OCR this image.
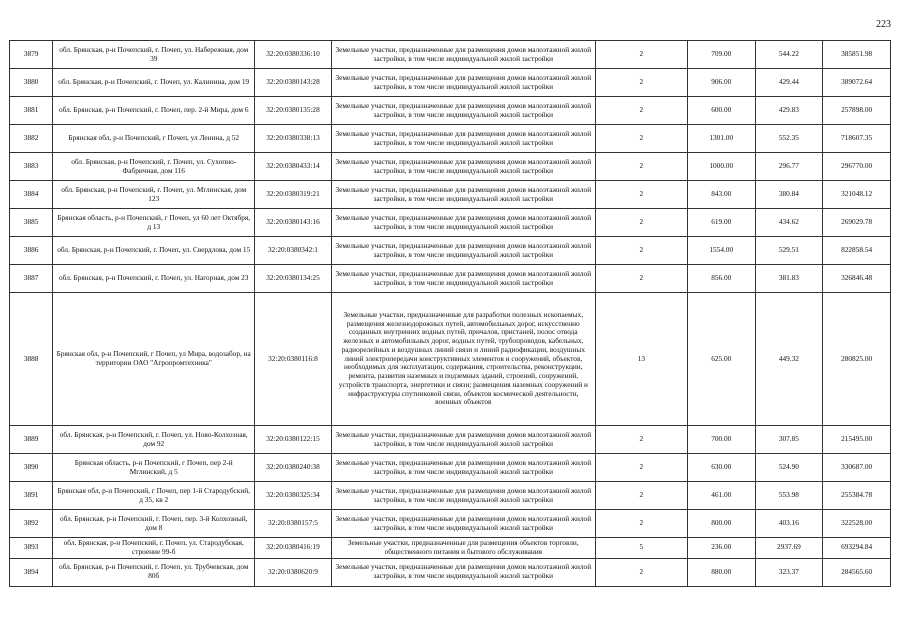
223
3879	обл. Брянская, р-н Почепский, г. Почеп, ул. Набережная, дом 39	32:20:0380336:10	Земельные участки, предназначенные для размещения домов малоэтажной жилой застройки, в том числе индивидуальной жилой застройки	2	709.00	544.22	385851.98
3880	обл. Брянская, р-н Почепский, г. Почеп, ул. Калинина, дом 19	32:20:0380143:28	Земельные участки, предназначенные для размещения домов малоэтажной жилой застройки, в том числе индивидуальной жилой застройки	2	906.00	429.44	389072.64
3881	обл. Брянская, р-н Почепский, г. Почеп, пер. 2-й Мира, дом 6	32:20:0380135:28	Земельные участки, предназначенные для размещения домов малоэтажной жилой застройки, в том числе индивидуальной жилой застройки	2	600.00	429.83	257898.00
3882	Брянская обл, р-н Почепский, г Почеп, ул Ленина, д 52	32:20:0380338:13	Земельные участки, предназначенные для размещения домов малоэтажной жилой застройки, в том числе индивидуальной жилой застройки	2	1301.00	552.35	718607.35
3883	обл. Брянская, р-н Почепский, г. Почеп, ул. Сухопно-Фабричная, дом 116	32:20:0380433:14	Земельные участки, предназначенные для размещения домов малоэтажной жилой застройки, в том числе индивидуальной жилой застройки	2	1000.00	296.77	296770.00
3884	обл. Брянская, р-н Почепский, г. Почеп, ул. Мглинская, дом 123	32:20:0380319:21	Земельные участки, предназначенные для размещения домов малоэтажной жилой застройки, в том числе индивидуальной жилой застройки	2	843.00	380.84	321048.12
3885	Брянская область, р-н Почепский, г Почеп, ул 60 лет Октября, д 13	32:20:0380143:16	Земельные участки, предназначенные для размещения домов малоэтажной жилой застройки, в том числе индивидуальной жилой застройки	2	619.00	434.62	269029.78
3886	обл. Брянская, р-н Почепский, г. Почеп, ул. Свердлова, дом 15	32:20:0380342:1	Земельные участки, предназначенные для размещения домов малоэтажной жилой застройки, в том числе индивидуальной жилой застройки	2	1554.00	529.51	822858.54
3887	обл. Брянская, р-н Почепский, г. Почеп, ул. Нагорная, дом 23	32:20:0380134:25	Земельные участки, предназначенные для размещения домов малоэтажной жилой застройки, в том числе индивидуальной жилой застройки	2	856.00	381.83	326846.48
3888	Брянская обл, р-н Почепский, г Почеп, ул Мира, водозабор, на территории ОАО "Агропромтехника"	32:20:0380116:8	Земельные участки, предназначенные для разработки полезных ископаемых, размещения железнодорожных путей, автомобильных дорог, искусственно созданных внутренних водных путей, причалов, пристаней, полос отвода железных и автомобильных дорог, водных путей, трубопроводов, кабельных, радиорелейных и воздушных линий связи и линий радиофикации, воздушных линий электропередачи конструктивных элементов и сооружений, объектов, необходимых для эксплуатации, содержания, строительства, реконструкции, ремонта, развития наземных и подземных зданий, строений, сооружений, устройств транспорта, энергетики и связи; размещения наземных сооружений и инфраструктуры спутниковой связи, объектов космической деятельности, военных объектов	13	625.00	449.32	280825.00
3889	обл. Брянская, р-н Почепский, г. Почеп, ул. Ново-Колхозная, дом 92	32:20:0380122:15	Земельные участки, предназначенные для размещения домов малоэтажной жилой застройки, в том числе индивидуальной жилой застройки	2	700.00	307.85	215495.00
3890	Брянская область, р-н Почепский, г Почеп, пер 2-й Мглинский, д 5	32:20:0380240:38	Земельные участки, предназначенные для размещения домов малоэтажной жилой застройки, в том числе индивидуальной жилой застройки	2	630.00	524.90	330687.00
3891	Брянская обл, р-н Почепский, г Почеп, пер 1-й Стародубский, д 35, кв 2	32:20:0380325:34	Земельные участки, предназначенные для размещения домов малоэтажной жилой застройки, в том числе индивидуальной жилой застройки	2	461.00	553.98	255384.78
3892	обл. Брянская, р-н Почепский, г. Почеп, пер. 3-й Колхозный, дом 8	32:20:0380157:5	Земельные участки, предназначенные для размещения домов малоэтажной жилой застройки, в том числе индивидуальной жилой застройки	2	800.00	403.16	322528.00
3893	обл. Брянская, р-н Почепский, г. Почеп, ул. Стародубская, строение 99-б	32:20:0380416:19	Земельные участки, предназначенные для размещения объектов торговли, общественного питания и бытового обслуживания	5	236.00	2937.69	693294.84
3894	обл. Брянская, р-н Почепский, г. Почеп, ул. Трубчевская, дом 80б	32:20:0380620:9	Земельные участки, предназначенные для размещения домов малоэтажной жилой застройки, в том числе индивидуальной жилой застройки	2	880.00	323.37	284565.60
